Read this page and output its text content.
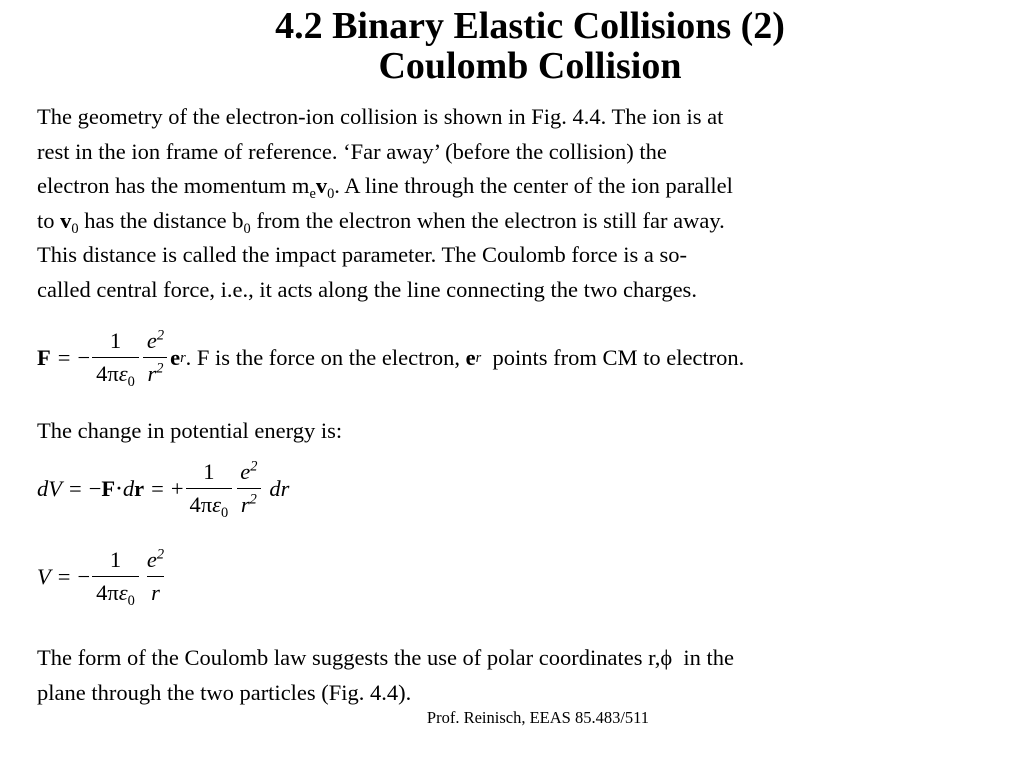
4.2 Binary Elastic Collisions (2)
Coulomb Collision
The geometry of the electron-ion collision is shown in Fig. 4.4. The ion is at
rest in the ion frame of reference. ‘Far away’ (before the collision) the
electron has the momentum $m_ev_0$. A line through the center of the ion parallel
to $v_0$ has the distance $b_0$ from the electron when the electron is still far away.
This distance is called the impact parameter. The Coulomb force is a so-
called central force, i.e., it acts along the line connecting the two charges.
F = − $\frac{1}{4\pi\varepsilon_0} \frac{e^2}{r^2}$ e r . F is the force on the electron, e r points from CM to electron.
The change in potential energy is:
dV = − F ⋅ d r = + $\frac{1}{4\pi\varepsilon_0} \frac{e^2}{r^2}$ dr
V = − $\frac{1}{4\pi\varepsilon_0} \frac{e^2}{r}$
The form of the Coulomb law suggests the use of polar coordinates r,ϕ  in the
plane through the two particles (Fig. 4.4).
Prof. Reinisch, EEAS 85.483/511
